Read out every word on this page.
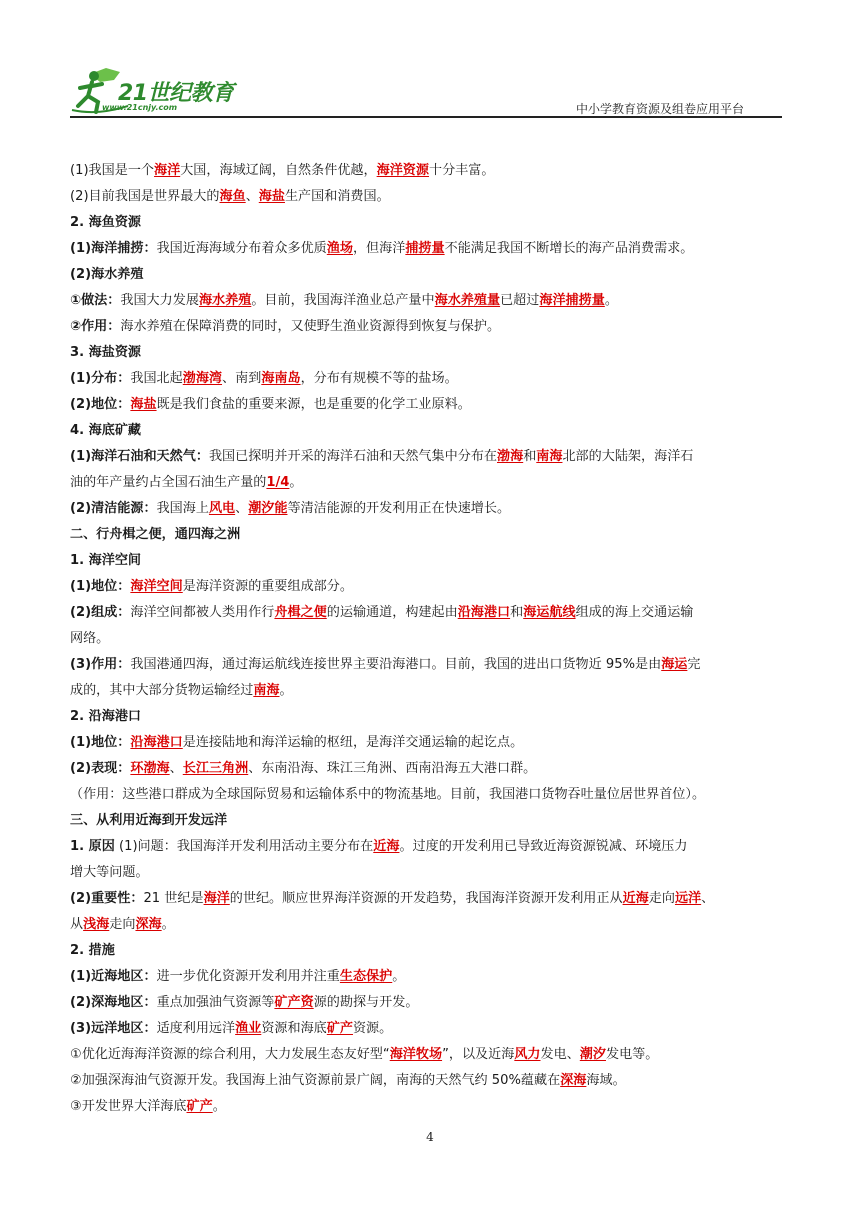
21世纪教育
www.21cnjy.com	中小学教育资源及组卷应用平台
(1)我国是一个海洋大国，海域辽阔，自然条件优越，海洋资源十分丰富。
(2)目前我国是世界最大的海鱼、海盐生产国和消费国。
2. 海鱼资源
(1)海洋捕捞：我国近海海域分布着众多优质渔场，但海洋捕捞量不能满足我国不断增长的海产品消费需求。
(2)海水养殖
①做法：我国大力发展海水养殖。目前，我国海洋渔业总产量中海水养殖量已超过海洋捕捞量。
②作用：海水养殖在保障消费的同时，又使野生渔业资源得到恢复与保护。
3. 海盐资源
(1)分布：我国北起渤海湾、南到海南岛，分布有规模不等的盐场。
(2)地位：海盐既是我们食盐的重要来源，也是重要的化学工业原料。
4. 海底矿藏
(1)海洋石油和天然气：我国已探明并开采的海洋石油和天然气集中分布在渤海和南海北部的大陆架，海洋石
油的年产量约占全国石油生产量的1/4。
(2)清洁能源：我国海上风电、潮汐能等清洁能源的开发利用正在快速增长。
二、行舟楫之便，通四海之洲
1. 海洋空间
(1)地位：海洋空间是海洋资源的重要组成部分。
(2)组成：海洋空间都被人类用作行舟楫之便的运输通道，构建起由沿海港口和海运航线组成的海上交通运输
网络。
(3)作用：我国港通四海，通过海运航线连接世界主要沿海港口。目前，我国的进出口货物近 95%是由海运完
成的，其中大部分货物运输经过南海。
2. 沿海港口
(1)地位：沿海港口是连接陆地和海洋运输的枢纽，是海洋交通运输的起讫点。
(2)表现：环渤海、长江三角洲、东南沿海、珠江三角洲、西南沿海五大港口群。
（作用：这些港口群成为全球国际贸易和运输体系中的物流基地。目前，我国港口货物吞吐量位居世界首位）。
三、从利用近海到开发远洋
1. 原因 (1)问题：我国海洋开发利用活动主要分布在近海。过度的开发利用已导致近海资源锐减、环境压力
增大等问题。
(2)重要性：21 世纪是海洋的世纪。顺应世界海洋资源的开发趋势，我国海洋资源开发利用正从近海走向远洋、
从浅海走向深海。
2. 措施
(1)近海地区：进一步优化资源开发利用并注重生态保护。
(2)深海地区：重点加强油气资源等矿产资源的勘探与开发。
(3)远洋地区：适度利用远洋渔业资源和海底矿产资源。
①优化近海海洋资源的综合利用，大力发展生态友好型“海洋牧场”，以及近海风力发电、潮汐发电等。
②加强深海油气资源开发。我国海上油气资源前景广阔，南海的天然气约 50%蕴藏在深海海域。
③开发世界大洋海底矿产。
4
